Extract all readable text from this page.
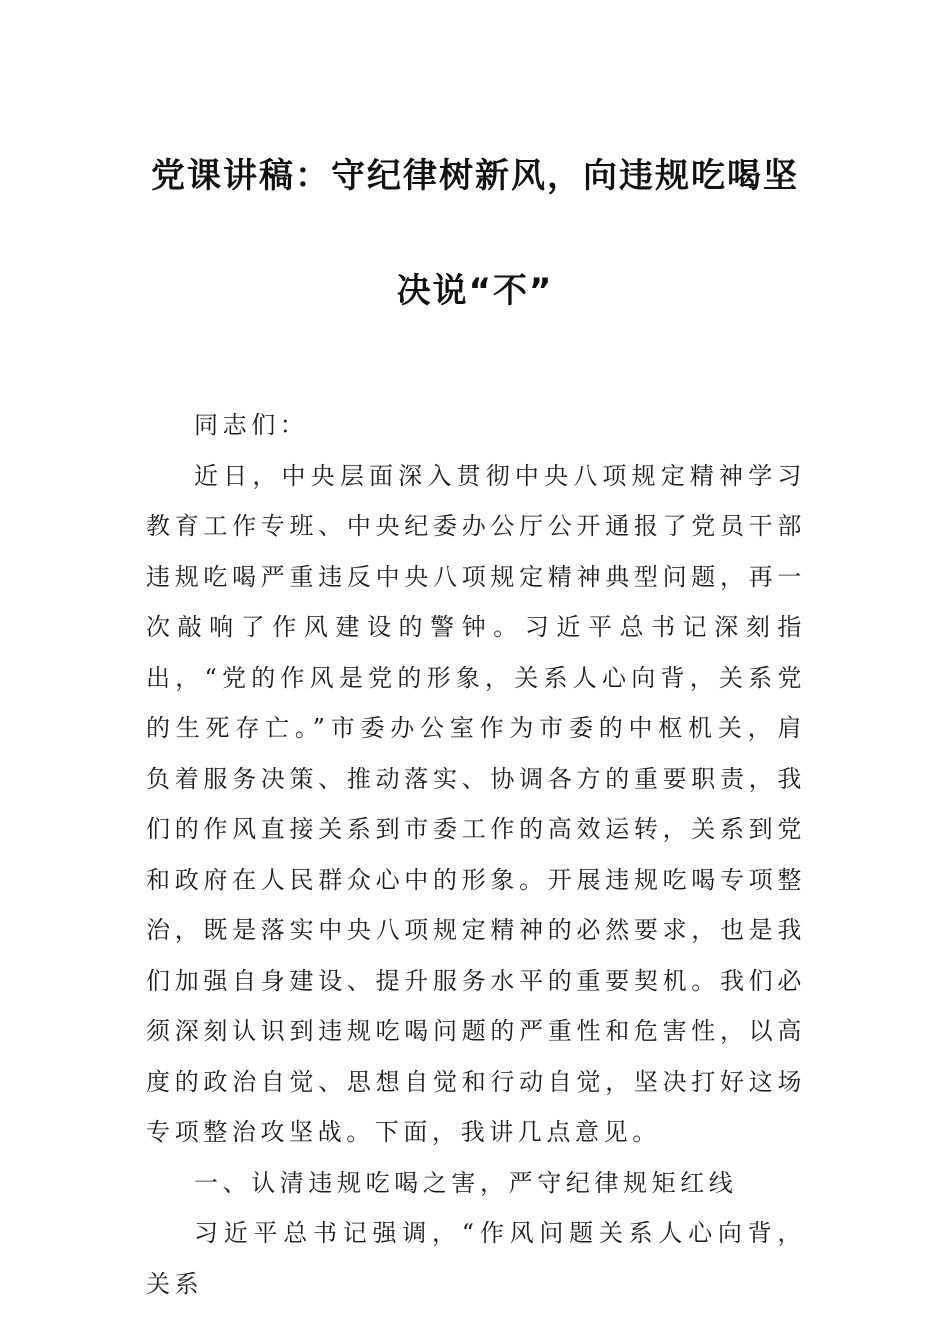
党课讲稿：守纪律树新风，向违规吃喝坚
决说“不”

同志们：

近日，中央层面深入贯彻中央八项规定精神学习教育工作专班、中央纪委办公厅公开通报了党员干部违规吃喝严重违反中央八项规定精神典型问题，再一次敲响了作风建设的警钟。习近平总书记深刻指出，“党的作风是党的形象，关系人心向背，关系党的生死存亡。”市委办公室作为市委的中枢机关，肩负着服务决策、推动落实、协调各方的重要职责，我们的作风直接关系到市委工作的高效运转，关系到党和政府在人民群众心中的形象。开展违规吃喝专项整治，既是落实中央八项规定精神的必然要求，也是我们加强自身建设、提升服务水平的重要契机。我们必须深刻认识到违规吃喝问题的严重性和危害性，以高度的政治自觉、思想自觉和行动自觉，坚决打好这场专项整治攻坚战。下面，我讲几点意见。

一、认清违规吃喝之害，严守纪律规矩红线

习近平总书记强调，“作风问题关系人心向背，关系
